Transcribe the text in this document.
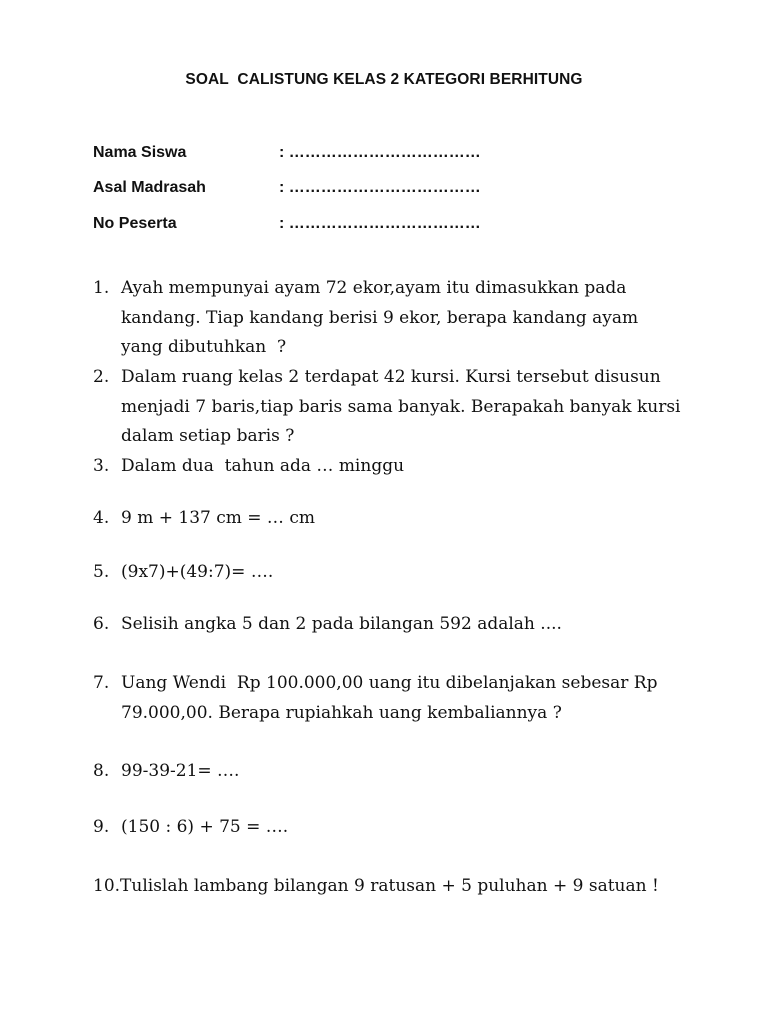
SOAL  CALISTUNG KELAS 2 KATEGORI BERHITUNG
Nama Siswa	: ………………………………
Asal Madrasah	: ………………………………
No Peserta	: ………………………………
1. Ayah mempunyai ayam 72 ekor,ayam itu dimasukkan pada
kandang. Tiap kandang berisi 9 ekor, berapa kandang ayam
yang dibutuhkan  ?
2. Dalam ruang kelas 2 terdapat 42 kursi. Kursi tersebut disusun
menjadi 7 baris,tiap baris sama banyak. Berapakah banyak kursi
dalam setiap baris ?
3. Dalam dua  tahun ada … minggu
4. 9 m + 137 cm = … cm
5. (9x7)+(49:7)= ….
6. Selisih angka 5 dan 2 pada bilangan 592 adalah ....
7. Uang Wendi  Rp 100.000,00 uang itu dibelanjakan sebesar Rp
79.000,00. Berapa rupiahkah uang kembaliannya ?
8. 99-39-21= ….
9. (150 : 6) + 75 = ….
10.Tulislah lambang bilangan 9 ratusan + 5 puluhan + 9 satuan !
